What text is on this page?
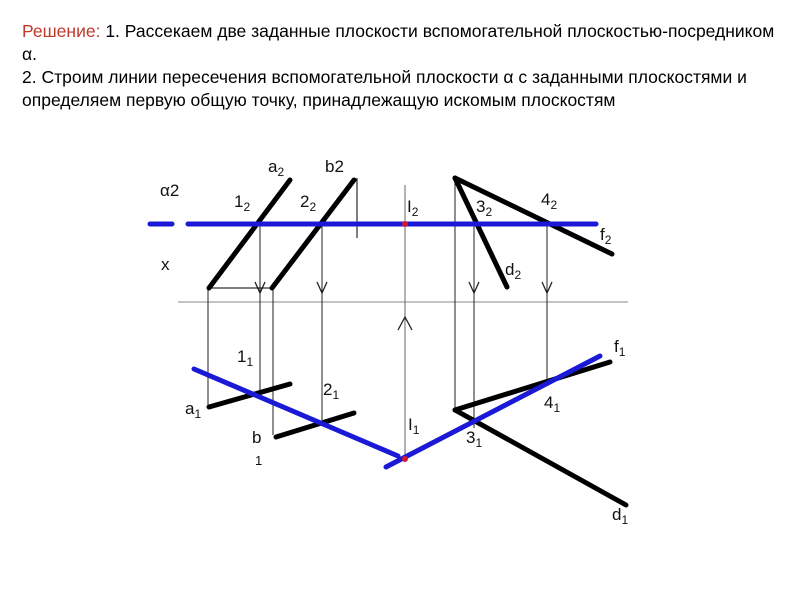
Решение: 1. Рассекаем две заданные плоскости вспомогательной плоскостью-посредником α.

2. Строим линии пересечения вспомогательной плоскости α с заданными плоскостями и определяем первую общую точку, принадлежащую искомым плоскостям

α2
x
$a_2$ b2
$1_2$	$2_2$	$I_2$	$3_2$
$4_2$
$f_2$
$d_2$
$1_1$
$a_1$
$2_1$
b
1
$I_1$	$3_1$
$4_1$
$f_1$
$d_1$
